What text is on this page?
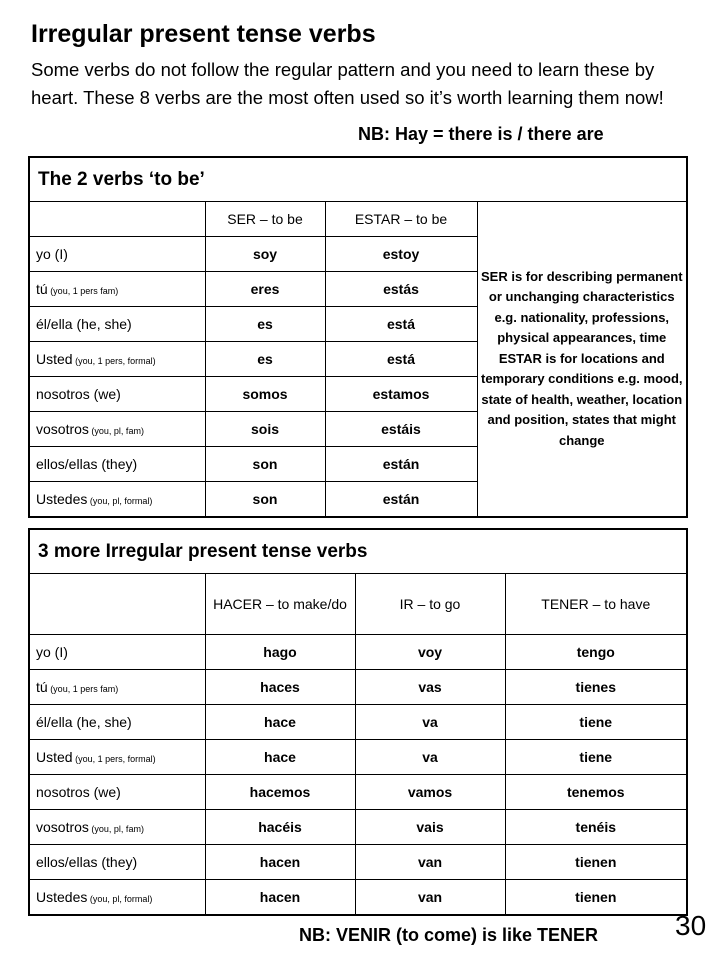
Irregular present tense verbs

Some verbs do not follow the regular pattern and you need to learn these by heart. These 8 verbs are the most often used so it’s worth learning them now!

NB: Hay = there is / there are
The 2 verbs ‘to be’			
	SER – to be	ESTAR – to be	SER is for describing permanent or unchanging characteristics e.g. nationality, professions, physical appearances, time ESTAR is for locations and temporary conditions e.g. mood, state of health, weather, location and position, states that might change
yo (I)	soy	estoy	
tú (you, 1 pers fam)	eres	estás	
él/ella (he, she)	es	está	
Usted (you, 1 pers, formal)	es	está	
nosotros (we)	somos	estamos	
vosotros (you, pl, fam)	sois	estáis	
ellos/ellas (they)	son	están	
Ustedes (you, pl, formal)	son	están	
3 more Irregular present tense verbs			
	HACER – to make/do	IR – to go	TENER – to have
yo (I)	hago	voy	tengo
tú (you, 1 pers fam)	haces	vas	tienes
él/ella (he, she)	hace	va	tiene
Usted (you, 1 pers, formal)	hace	va	tiene
nosotros (we)	hacemos	vamos	tenemos
vosotros (you, pl, fam)	hacéis	vais	tenéis
ellos/ellas (they)	hacen	van	tienen
Ustedes (you, pl, formal)	hacen	van	tienen
30
NB: VENIR (to come) is like TENER
